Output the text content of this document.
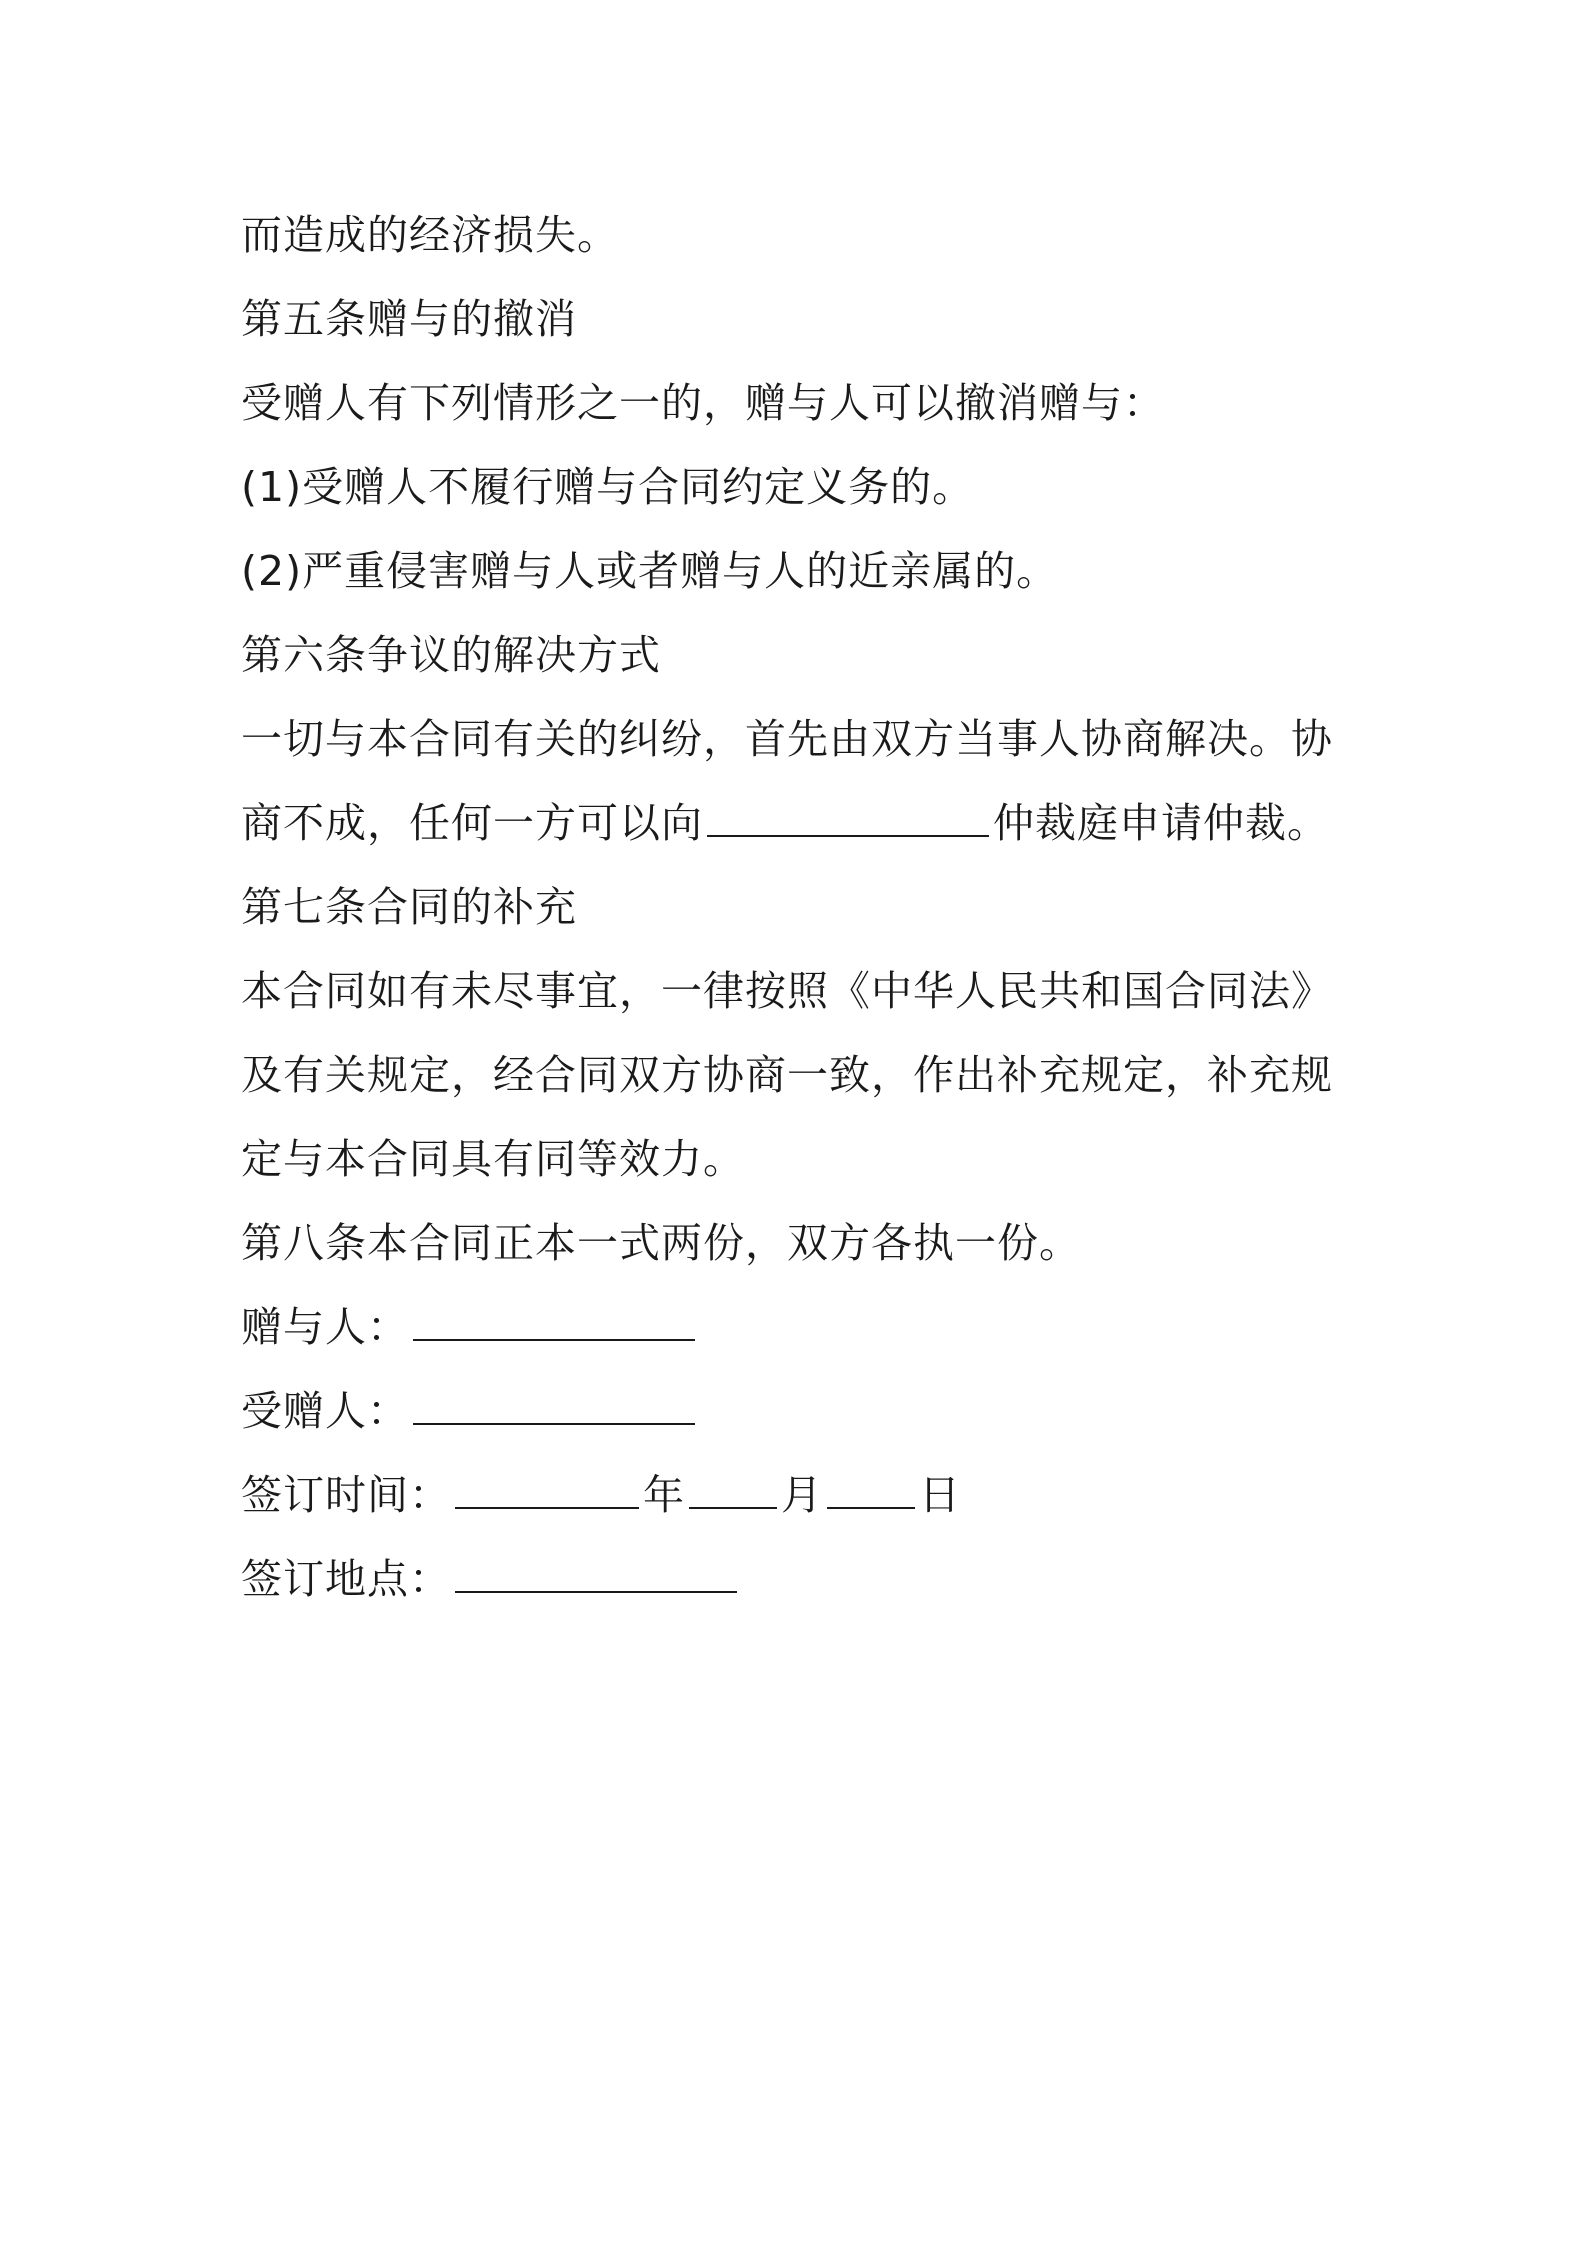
而造成的经济损失。

第五条赠与的撤消

受赠人有下列情形之一的，赠与人可以撤消赠与：

(1)受赠人不履行赠与合同约定义务的。

(2)严重侵害赠与人或者赠与人的近亲属的。

第六条争议的解决方式

一切与本合同有关的纠纷，首先由双方当事人协商解决。协

商不成，任何一方可以向	仲裁庭申请仲裁。

第七条合同的补充

本合同如有未尽事宜，一律按照《中华人民共和国合同法》

及有关规定，经合同双方协商一致，作出补充规定，补充规

定与本合同具有同等效力。

第八条本合同正本一式两份，双方各执一份。

赠与人：

受赠人：

签订时间：	年 月 日

签订地点：
